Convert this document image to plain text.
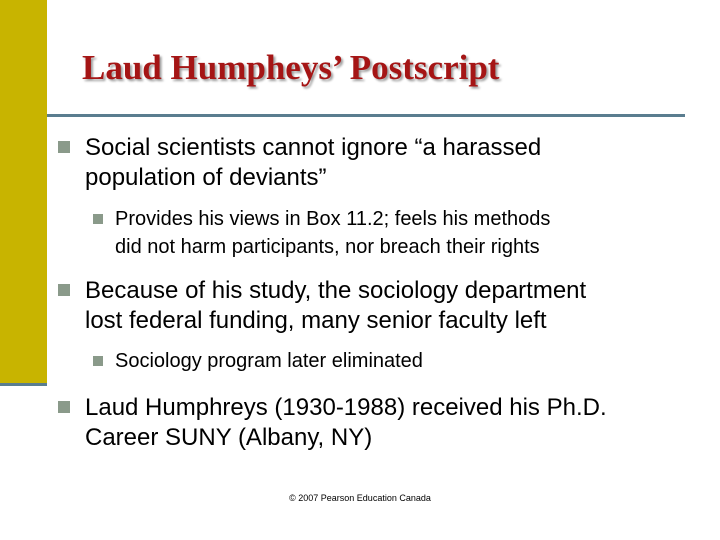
Laud Humpheys’ Postscript
Social scientists cannot ignore “a harassed
population of deviants”
Provides his views in Box 11.2; feels his methods
did not harm participants, nor breach their rights
Because of his study, the sociology department
lost federal funding, many senior faculty left
Sociology program later eliminated
Laud Humphreys (1930-1988) received his Ph.D.
Career SUNY (Albany, NY)
© 2007 Pearson Education Canada
